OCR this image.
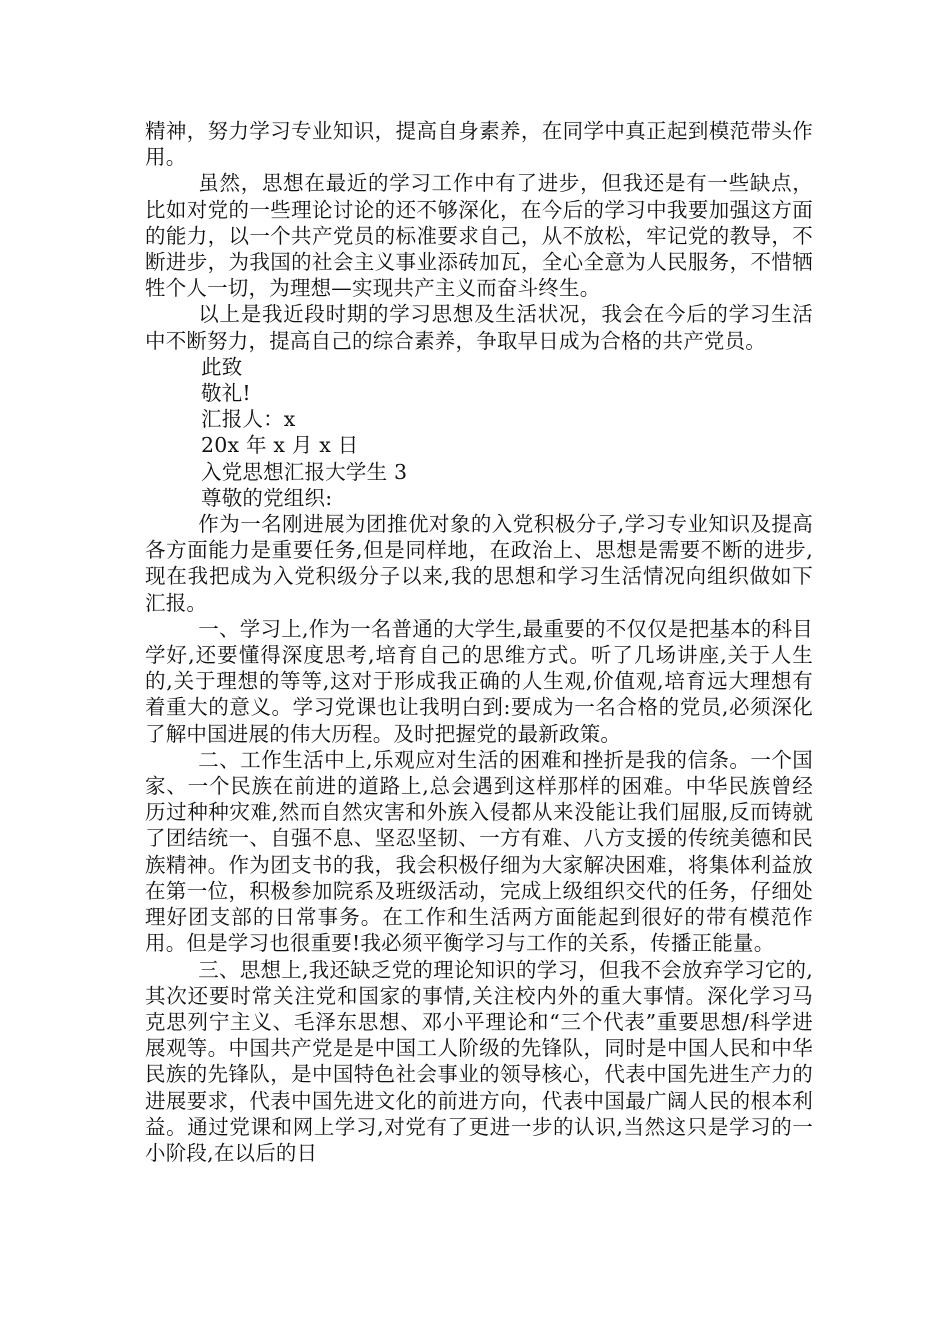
精神，努力学习专业知识，提高自身素养，在同学中真正起到模范带头作用。

虽然，思想在最近的学习工作中有了进步，但我还是有一些缺点，比如对党的一些理论讨论的还不够深化，在今后的学习中我要加强这方面的能力，以一个共产党员的标准要求自己，从不放松，牢记党的教导，不断进步，为我国的社会主义事业添砖加瓦，全心全意为人民服务，不惜牺牲个人一切，为理想—实现共产主义而奋斗终生。

以上是我近段时期的学习思想及生活状况，我会在今后的学习生活中不断努力，提高自己的综合素养，争取早日成为合格的共产党员。

此致

敬礼!

汇报人：x

20x 年 x 月 x 日

入党思想汇报大学生 3

尊敬的党组织:

作为一名刚进展为团推优对象的入党积极分子,学习专业知识及提高各方面能力是重要任务,但是同样地，在政治上、思想是需要不断的进步,现在我把成为入党积级分子以来,我的思想和学习生活情况向组织做如下汇报。

一、学习上,作为一名普通的大学生,最重要的不仅仅是把基本的科目学好,还要懂得深度思考,培育自己的思维方式。听了几场讲座,关于人生的,关于理想的等等,这对于形成我正确的人生观,价值观,培育远大理想有着重大的意义。学习党课也让我明白到:要成为一名合格的党员,必须深化了解中国进展的伟大历程。及时把握党的最新政策。

二、工作生活中上,乐观应对生活的困难和挫折是我的信条。一个国家、一个民族在前进的道路上,总会遇到这样那样的困难。中华民族曾经历过种种灾难,然而自然灾害和外族入侵都从来没能让我们屈服,反而铸就了团结统一、自强不息、坚忍坚韧、一方有难、八方支援的传统美德和民族精神。作为团支书的我，我会积极仔细为大家解决困难，将集体利益放在第一位，积极参加院系及班级活动，完成上级组织交代的任务，仔细处理好团支部的日常事务。在工作和生活两方面能起到很好的带有模范作用。但是学习也很重要!我必须平衡学习与工作的关系，传播正能量。

三、思想上,我还缺乏党的理论知识的学习，但我不会放弃学习它的,其次还要时常关注党和国家的事情,关注校内外的重大事情。深化学习马克思列宁主义、毛泽东思想、邓小平理论和“三个代表”重要思想/科学进展观等。中国共产党是是中国工人阶级的先锋队，同时是中国人民和中华民族的先锋队，是中国特色社会事业的领导核心，代表中国先进生产力的进展要求，代表中国先进文化的前进方向，代表中国最广阔人民的根本利益。通过党课和网上学习,对党有了更进一步的认识,当然这只是学习的一小阶段,在以后的日
